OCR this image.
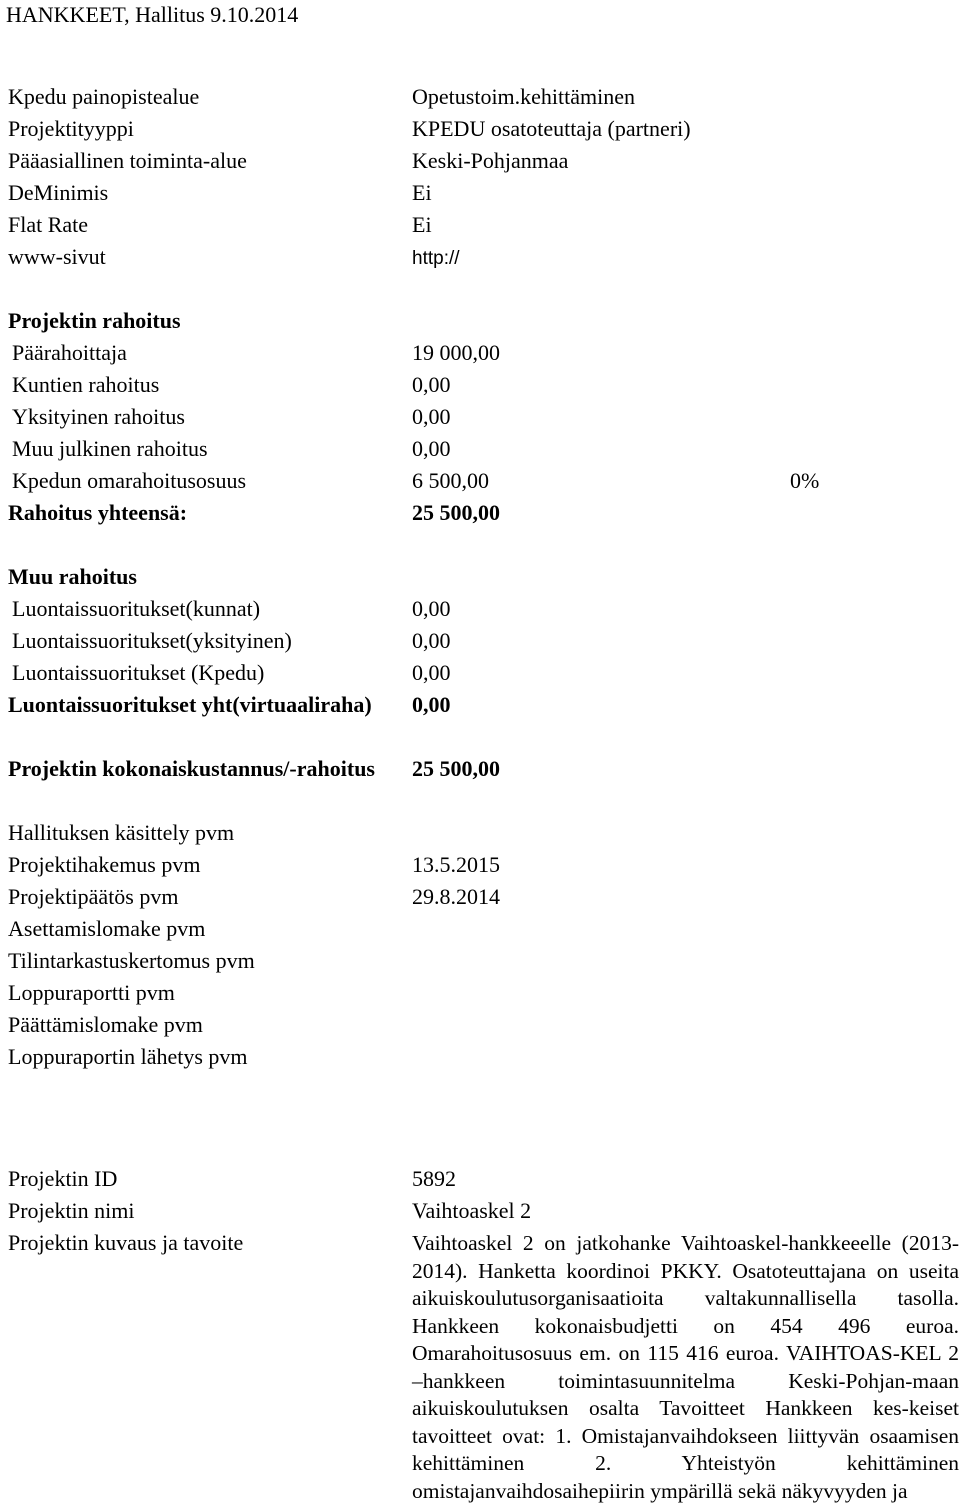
HANKKEET, Hallitus 9.10.2014
Kpedu painopistealue	Opetustoim.kehittäminen
Projektityyppi	KPEDU osatoteuttaja (partneri)
Pääasiallinen toiminta-alue	Keski-Pohjanmaa
DeMinimis	Ei
Flat Rate	Ei
www-sivut	http://
Projektin rahoitus
Päärahoittaja	19 000,00
Kuntien rahoitus	0,00
Yksityinen rahoitus	0,00
Muu julkinen rahoitus	0,00
Kpedun omarahoitusosuus	6 500,00	0%
Rahoitus yhteensä:	25 500,00
Muu rahoitus
Luontaissuoritukset(kunnat)	0,00
Luontaissuoritukset(yksityinen)	0,00
Luontaissuoritukset (Kpedu)	0,00
Luontaissuoritukset yht(virtuaaliraha) 0,00
Projektin kokonaiskustannus/-rahoitus 25 500,00
Hallituksen käsittely pvm
Projektihakemus pvm	13.5.2015
Projektipäätös pvm	29.8.2014
Asettamislomake pvm
Tilintarkastuskertomus pvm
Loppuraportti pvm
Päättämislomake pvm
Loppuraportin lähetys pvm
Projektin ID	5892
Projektin nimi	Vaihtoaskel 2
Projektin kuvaus ja tavoite	Vaihtoaskel 2 on jatkohanke Vaihtoaskel-hankkeeelle (2013-2014). Hanketta koordinoi PKKY. Osatoteuttajana on useita aikuiskoulutusorganisaatioita valtakunnallisella tasolla. Hankkeen kokonaisbudjetti on 454 496 euroa. Omarahoitusosuus em. on 115 416 euroa. VAIHTOAS-KEL 2 –hankkeen toimintasuunnitelma Keski-Pohjan-maan aikuiskoulutuksen osalta Tavoitteet Hankkeen kes-keiset tavoitteet ovat: 1. Omistajanvaihdokseen liittyvän osaamisen kehittäminen 2. Yhteistyön kehittäminen omistajanvaihdosaihepiirin ympärillä sekä näkyvyyden ja
